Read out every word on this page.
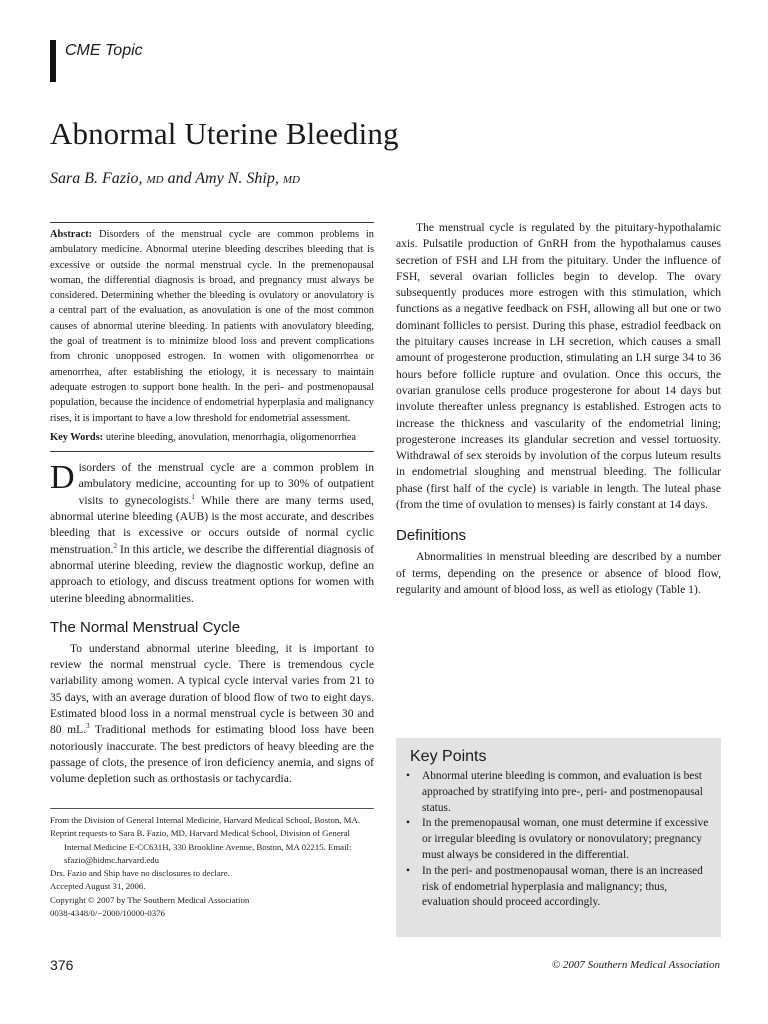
CME Topic
Abnormal Uterine Bleeding
Sara B. Fazio, MD and Amy N. Ship, MD

Abstract: Disorders of the menstrual cycle are common problems in ambulatory medicine. Abnormal uterine bleeding describes bleeding that is excessive or outside the normal menstrual cycle. In the premenopausal woman, the differential diagnosis is broad, and pregnancy must always be considered. Determining whether the bleeding is ovulatory or anovulatory is a central part of the evaluation, as anovulation is one of the most common causes of abnormal uterine bleeding. In patients with anovulatory bleeding, the goal of treatment is to minimize blood loss and prevent complications from chronic unopposed estrogen. In women with oligomenorrhea or amenorrhea, after establishing the etiology, it is necessary to maintain adequate estrogen to support bone health. In the peri- and postmenopausal population, because the incidence of endometrial hyperplasia and malignancy rises, it is important to have a low threshold for endometrial assessment.

Key Words: uterine bleeding, anovulation, menorrhagia, oligomenorrhea

Disorders of the menstrual cycle are a common problem in ambulatory medicine, accounting for up to 30% of outpatient visits to gynecologists.$^1$ While there are many terms used, abnormal uterine bleeding (AUB) is the most accurate, and describes bleeding that is excessive or occurs outside of normal cyclic menstruation.$^2$ In this article, we describe the differential diagnosis of abnormal uterine bleeding, review the diagnostic workup, define an approach to etiology, and discuss treatment options for women with uterine bleeding abnormalities.

The Normal Menstrual Cycle

To understand abnormal uterine bleeding, it is important to review the normal menstrual cycle. There is tremendous cycle variability among women. A typical cycle interval varies from 21 to 35 days, with an average duration of blood flow of two to eight days. Estimated blood loss in a normal menstrual cycle is between 30 and 80 mL.$^3$ Traditional methods for estimating blood loss have been notoriously inaccurate. The best predictors of heavy bleeding are the passage of clots, the presence of iron deficiency anemia, and signs of volume depletion such as orthostasis or tachycardia.

The menstrual cycle is regulated by the pituitary-hypothalamic axis. Pulsatile production of GnRH from the hypothalamus causes secretion of FSH and LH from the pituitary. Under the influence of FSH, several ovarian follicles begin to develop. The ovary subsequently produces more estrogen with this stimulation, which functions as a negative feedback on FSH, allowing all but one or two dominant follicles to persist. During this phase, estradiol feedback on the pituitary causes increase in LH secretion, which causes a small amount of progesterone production, stimulating an LH surge 34 to 36 hours before follicle rupture and ovulation. Once this occurs, the ovarian granulose cells produce progesterone for about 14 days but involute thereafter unless pregnancy is established. Estrogen acts to increase the thickness and vascularity of the endometrial lining; progesterone increases its glandular secretion and vessel tortuosity. Withdrawal of sex steroids by involution of the corpus luteum results in endometrial sloughing and menstrual bleeding. The follicular phase (first half of the cycle) is variable in length. The luteal phase (from the time of ovulation to menses) is fairly constant at 14 days.

Definitions

Abnormalities in menstrual bleeding are described by a number of terms, depending on the presence or absence of blood flow, regularity and amount of blood loss, as well as etiology (Table 1).

From the Division of General Internal Medicine, Harvard Medical School, Boston, MA.

Reprint requests to Sara B. Fazio, MD, Harvard Medical School, Division of General Internal Medicine E-CC631H, 330 Brookline Avenue, Boston, MA 02215. Email: sfazio@bidmc.harvard.edu

Drs. Fazio and Ship have no disclosures to declare.

Accepted August 31, 2006.

Copyright © 2007 by The Southern Medical Association

0038-4348/0/−2000/10000-0376

Key Points
• Abnormal uterine bleeding is common, and evaluation is best approached by stratifying into pre-, peri- and postmenopausal status.
• In the premenopausal woman, one must determine if excessive or irregular bleeding is ovulatory or nonovulatory; pregnancy must always be considered in the differential.
• In the peri- and postmenopausal woman, there is an increased risk of endometrial hyperplasia and malignancy; thus, evaluation should proceed accordingly.
376	© 2007 Southern Medical Association
